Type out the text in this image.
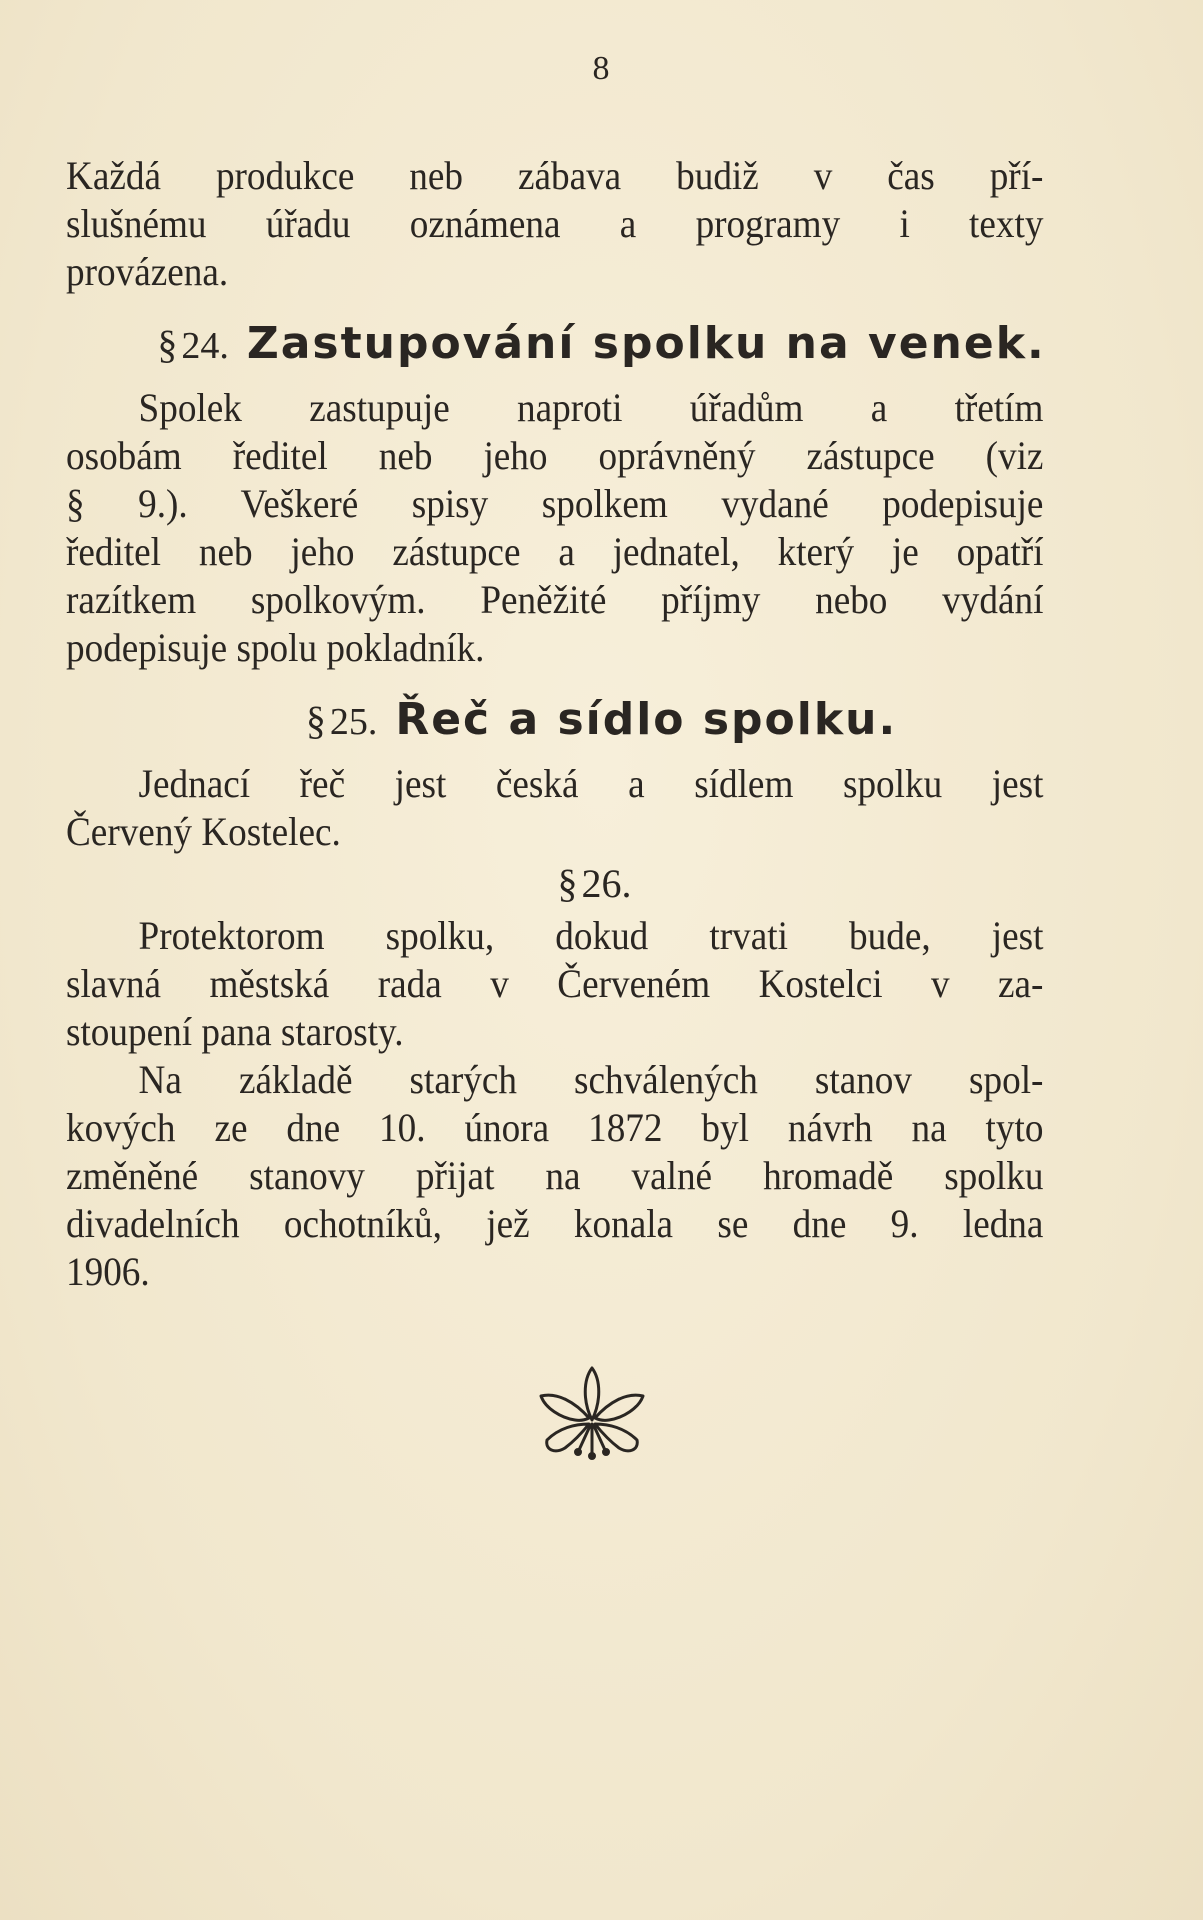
8
Každá produkce neb zábava budiž v čas pří-
slušnému úřadu oznámena a programy i texty
provázena.
§ 24. Zastupování spolku na venek.
Spolek zastupuje naproti úřadům a třetím
osobám ředitel neb jeho oprávněný zástupce (viz
§ 9.). Veškeré spisy spolkem vydané podepisuje
ředitel neb jeho zástupce a jednatel, který je opatří
razítkem spolkovým. Peněžité příjmy nebo vydání
podepisuje spolu pokladník.
§ 25. Řeč a sídlo spolku.
Jednací řeč jest česká a sídlem spolku jest
Červený Kostelec.
§ 26.
Protektorom spolku, dokud trvati bude, jest
slavná městská rada v Červeném Kostelci v za-
stoupení pana starosty.
Na základě starých schválených stanov spol-
kových ze dne 10. února 1872 byl návrh na tyto
změněné stanovy přijat na valné hromadě spolku
divadelních ochotníků, jež konala se dne 9. ledna
1906.
